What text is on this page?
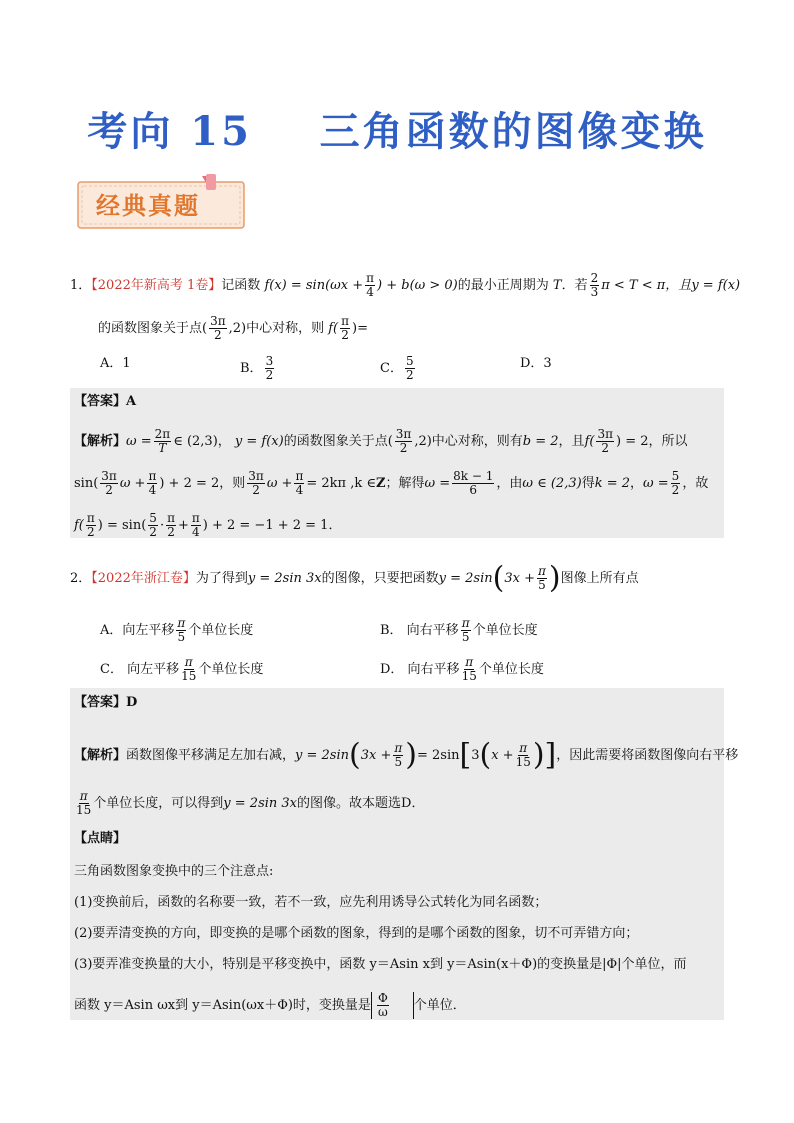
考向 15    三角函数的图像变换
经典真题
1．【2022年新高考 1卷】记函数 $f(x) = \sin(\omega x + \frac{\pi}{4}$ ) + b(ω > 0)的最小正周期为 T．若 $\frac{2}{3}$ π < T < π，且y = f(x)
的函数图象关于点( $\frac{3\pi}{2} ,2$)中心对称，则 $f( \frac{\pi}{2}$ )=
A．1	B． $\frac{3}{2}$	C． $\frac{5}{2}$	D．3
【答案】A
【解析】$\omega = \frac{2\pi}{T}$ ∈ (2,3)， y = f(x)的函数图象关于点( $\frac{3\pi}{2} ,2$)中心对称，则有b = 2，且$f( \frac{3\pi}{2}$ ) = 2，所以
$\sin( \frac{3\pi}{2}$ $\omega + \frac{\pi}{4}$ ) + 2 = 2，则 $\frac{3\pi}{2}$ $\omega + \frac{\pi}{4} = 2k\pi$ ,k ∈Z；解得$\omega = \frac{8k - 1}{6}$ ，由ω ∈ (2,3)得k = 2，$\omega = \frac{5}{2}$ ，故
$f( \frac{\pi}{2}$ ) = $\sin( \frac{5}{2} \cdot \frac{\pi}{2} + \frac{\pi}{4}$ ) + 2 = −1 + 2 = 1．
2．【2022年浙江卷】为了得到y = 2sin 3x的图像，只要把函数$y = 2\sin(3x + \frac{\pi}{5}$ )图像上所有点
A．向左平移 $\frac{\pi}{5}$ 个单位长度	B． 向右平移 $\frac{\pi}{5}$ 个单位长度
C． 向左平移 $\frac{\pi}{15}$ 个单位长度	D． 向右平移 $\frac{\pi}{15}$ 个单位长度
【答案】D
【解析】函数图像平移满足左加右减，$y = 2\sin(3x + \frac{\pi}{5}$ )= $2\sin[3(x + \frac{\pi}{15}$ )]，因此需要将函数图像向右平移
$\frac{\pi}{15}$ 个单位长度，可以得到y = 2sin 3x的图像。故本题选D．
【点睛】
三角函数图象变换中的三个注意点:
(1)变换前后，函数的名称要一致，若不一致，应先利用诱导公式转化为同名函数；
(2)要弄清变换的方向，即变换的是哪个函数的图象，得到的是哪个函数的图象，切不可弄错方向；
(3)要弄准变换量的大小，特别是平移变换中，函数 y＝Asin x到 y＝Asin(x＋Φ)的变换量是|Φ|个单位，而
函数 y＝Asin ωx到 y＝Asin(ωx＋Φ)时，变换量是 $\frac{\Phi}{\omega}$ 个单位．
